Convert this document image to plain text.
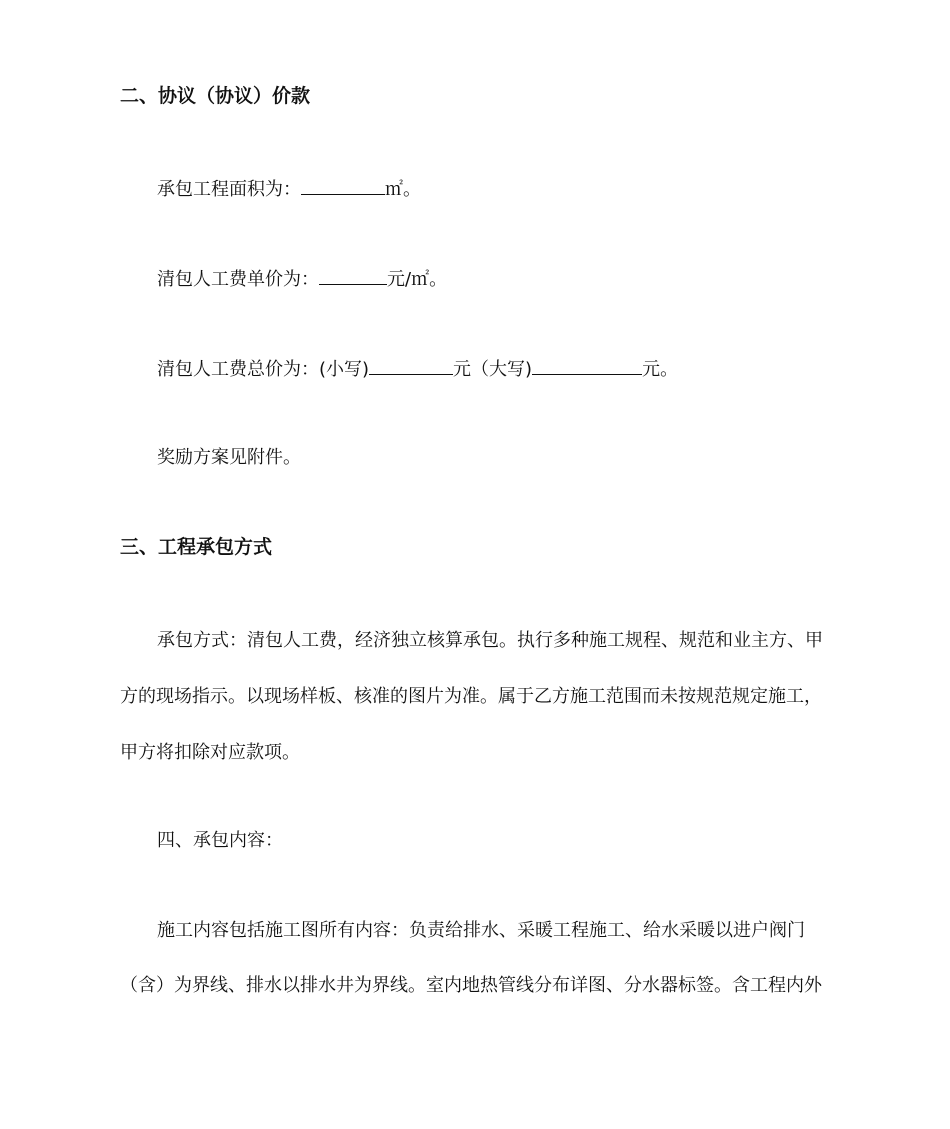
二、协议（协议）价款
承包工程面积为：	㎡。
清包人工费单价为：	元/㎡。
清包人工费总价为：(小写)	元（大写)	元。
奖励方案见附件。
三、工程承包方式
承包方式：清包人工费，经济独立核算承包。执行多种施工规程、规范和业主方、甲
方的现场指示。以现场样板、核准的图片为准。属于乙方施工范围而未按规范规定施工，
甲方将扣除对应款项。
四、承包内容：
施工内容包括施工图所有内容：负责给排水、采暖工程施工、给水采暖以进户阀门
（含）为界线、排水以排水井为界线。室内地热管线分布详图、分水器标签。含工程内外
